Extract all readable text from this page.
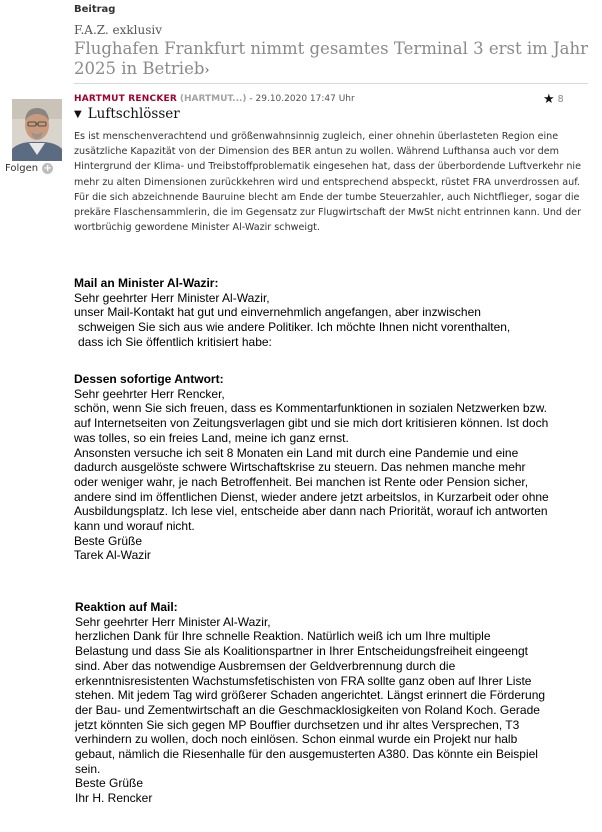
Beitrag
F.A.Z. exklusiv
Flughafen Frankfurt nimmt gesamtes Terminal 3 erst im Jahr 2025 in Betrieb›
Folgen +
HARTMUT RENCKER (HARTMUT...) - 29.10.2020 17:47 Uhr	★ 8
▼ Luftschlösser
Es ist menschenverachtend und größenwahnsinnig zugleich, einer ohnehin überlasteten Region eine zusätzliche Kapazität von der Dimension des BER antun zu wollen. Während Lufthansa auch vor dem Hintergrund der Klima- und Treibstoffproblematik eingesehen hat, dass der überbordende Luftverkehr nie mehr zu alten Dimensionen zurückkehren wird und entsprechend abspeckt, rüstet FRA unverdrossen auf. Für die sich abzeichnende Bauruine blecht am Ende der tumbe Steuerzahler, auch Nichtflieger, sogar die prekäre Flaschensammlerin, die im Gegensatz zur Flugwirtschaft der MwSt nicht entrinnen kann. Und der wortbrüchig gewordene Minister Al-Wazir schweigt.

Mail an Minister Al-Wazir:

Sehr geehrter Herr Minister Al-Wazir,

unser Mail-Kontakt hat gut und einvernehmlich angefangen, aber inzwischen

schweigen Sie sich aus wie andere Politiker. Ich möchte Ihnen nicht vorenthalten,

dass ich Sie öffentlich kritisiert habe:

Dessen sofortige Antwort:

Sehr geehrter Herr Rencker,

schön, wenn Sie sich freuen, dass es Kommentarfunktionen in sozialen Netzwerken bzw.

auf Internetseiten von Zeitungsverlagen gibt und sie mich dort kritisieren können. Ist doch

was tolles, so ein freies Land, meine ich ganz ernst.

Ansonsten versuche ich seit 8 Monaten ein Land mit durch eine Pandemie und eine

dadurch ausgelöste schwere Wirtschaftskrise zu steuern. Das nehmen manche mehr

oder weniger wahr, je nach Betroffenheit. Bei manchen ist Rente oder Pension sicher,

andere sind im öffentlichen Dienst, wieder andere jetzt arbeitslos, in Kurzarbeit oder ohne

Ausbildungsplatz. Ich lese viel, entscheide aber dann nach Priorität, worauf ich antworten

kann und worauf nicht.

Beste Grüße

Tarek Al-Wazir

Reaktion auf Mail:

Sehr geehrter Herr Minister Al-Wazir,

herzlichen Dank für Ihre schnelle Reaktion. Natürlich weiß ich um Ihre multiple

Belastung und dass Sie als Koalitionspartner in Ihrer Entscheidungsfreiheit eingeengt

sind. Aber das notwendige Ausbremsen der Geldverbrennung durch die

erkenntnisresistenten Wachstumsfetischisten von FRA sollte ganz oben auf Ihrer Liste

stehen. Mit jedem Tag wird größerer Schaden angerichtet. Längst erinnert die Förderung

der Bau- und Zementwirtschaft an die Geschmacklosigkeiten von Roland Koch. Gerade

jetzt könnten Sie sich gegen MP Bouffier durchsetzen und ihr altes Versprechen, T3

verhindern zu wollen, doch noch einlösen. Schon einmal wurde ein Projekt nur halb

gebaut, nämlich die Riesenhalle für den ausgemusterten A380. Das könnte ein Beispiel

sein.

Beste Grüße

Ihr H. Rencker
